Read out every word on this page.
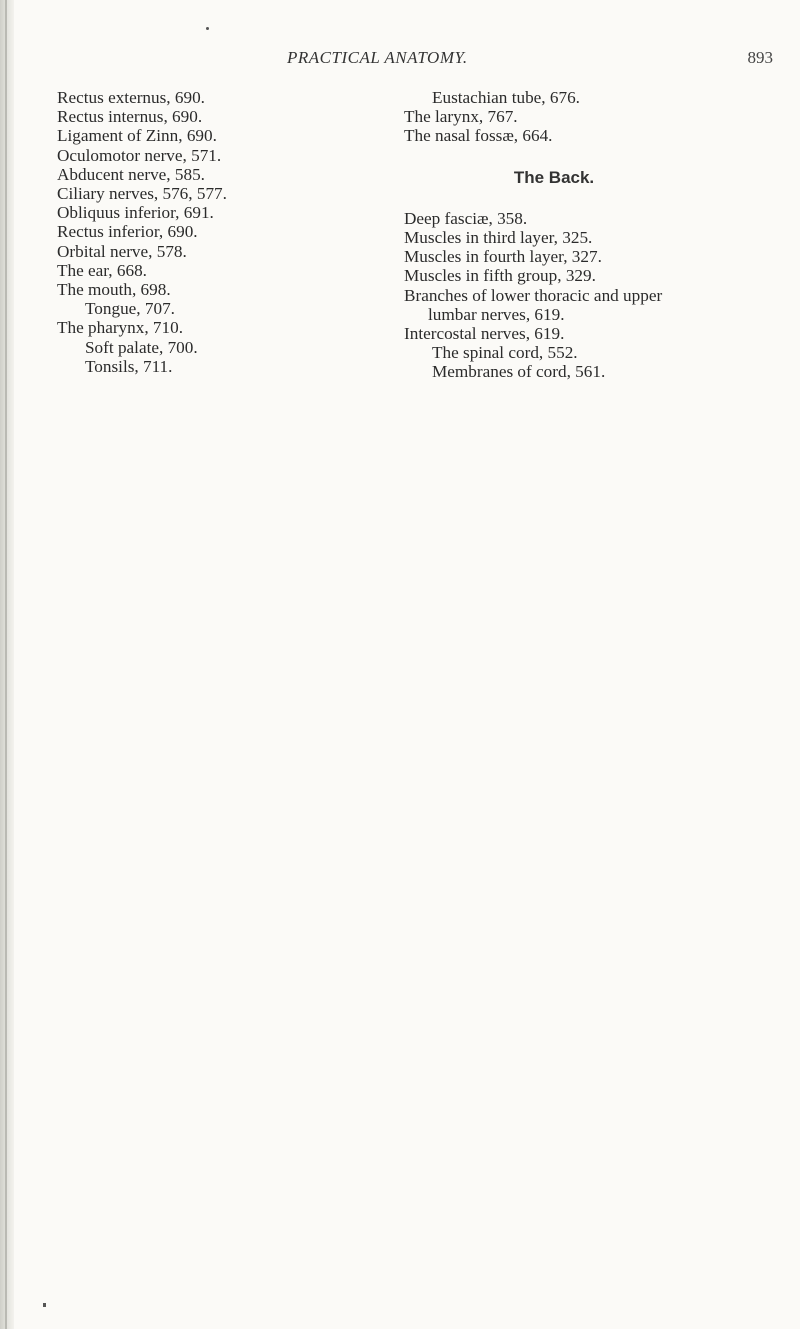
PRACTICAL ANATOMY.	893
Rectus externus, 690.
Rectus internus, 690.
Ligament of Zinn, 690.
Oculomotor nerve, 571.
Abducent nerve, 585.
Ciliary nerves, 576, 577.
Obliquus inferior, 691.
Rectus inferior, 690.
Orbital nerve, 578.
The ear, 668.
The mouth, 698.
Tongue, 707.
The pharynx, 710.
Soft palate, 700.
Tonsils, 711.
Eustachian tube, 676.
The larynx, 767.
The nasal fossæ, 664.
The Back.
Deep fasciæ, 358.
Muscles in third layer, 325.
Muscles in fourth layer, 327.
Muscles in fifth group, 329.
Branches of lower thoracic and upper
lumbar nerves, 619.
Intercostal nerves, 619.
The spinal cord, 552.
Membranes of cord, 561.
